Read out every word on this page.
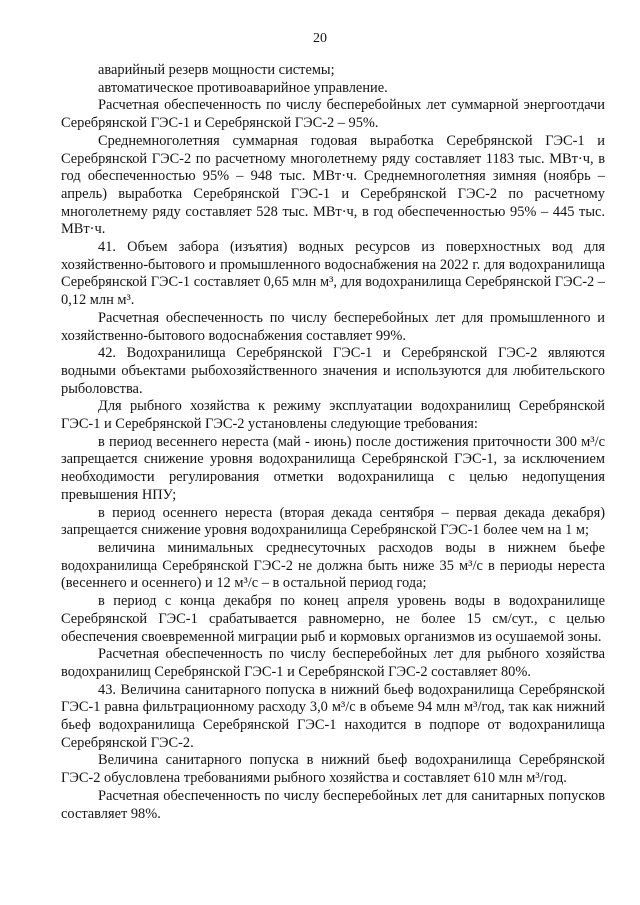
20

аварийный резерв мощности системы;

автоматическое противоаварийное управление.

Расчетная обеспеченность по числу бесперебойных лет суммарной энергоотдачи Серебрянской ГЭС-1 и Серебрянской ГЭС-2 – 95%.

Среднемноголетняя суммарная годовая выработка Серебрянской ГЭС-1 и Серебрянской ГЭС-2 по расчетному многолетнему ряду составляет 1183 тыс. МВт·ч, в год обеспеченностью 95% – 948 тыс. МВт·ч. Среднемноголетняя зимняя (ноябрь – апрель) выработка Серебрянской ГЭС-1 и Серебрянской ГЭС-2 по расчетному многолетнему ряду составляет 528 тыс. МВт·ч, в год обеспеченностью 95% – 445 тыс. МВт·ч.

41. Объем забора (изъятия) водных ресурсов из поверхностных вод для хозяйственно-бытового и промышленного водоснабжения на 2022 г. для водохранилища Серебрянской ГЭС-1 составляет 0,65 млн м³, для водохранилища Серебрянской ГЭС-2 – 0,12 млн м³.

Расчетная обеспеченность по числу бесперебойных лет для промышленного и хозяйственно-бытового водоснабжения составляет 99%.

42. Водохранилища Серебрянской ГЭС-1 и Серебрянской ГЭС-2 являются водными объектами рыбохозяйственного значения и используются для любительского рыболовства.

Для рыбного хозяйства к режиму эксплуатации водохранилищ Серебрянской ГЭС-1 и Серебрянской ГЭС-2 установлены следующие требования:

в период весеннего нереста (май - июнь) после достижения приточности 300 м³/с запрещается снижение уровня водохранилища Серебрянской ГЭС-1, за исключением необходимости регулирования отметки водохранилища с целью недопущения превышения НПУ;

в период осеннего нереста (вторая декада сентября – первая декада декабря) запрещается снижение уровня водохранилища Серебрянской ГЭС-1 более чем на 1 м;

величина минимальных среднесуточных расходов воды в нижнем бьефе водохранилища Серебрянской ГЭС-2 не должна быть ниже 35 м³/с в периоды нереста (весеннего и осеннего) и 12 м³/с – в остальной период года;

в период с конца декабря по конец апреля уровень воды в водохранилище Серебрянской ГЭС-1 срабатывается равномерно, не более 15 см/сут., с целью обеспечения своевременной миграции рыб и кормовых организмов из осушаемой зоны.

Расчетная обеспеченность по числу бесперебойных лет для рыбного хозяйства водохранилищ Серебрянской ГЭС-1 и Серебрянской ГЭС-2 составляет 80%.

43. Величина санитарного попуска в нижний бьеф водохранилища Серебрянской ГЭС-1 равна фильтрационному расходу 3,0 м³/с в объеме 94 млн м³/год, так как нижний бьеф водохранилища Серебрянской ГЭС-1 находится в подпоре от водохранилища Серебрянской ГЭС-2.

Величина санитарного попуска в нижний бьеф водохранилища Серебрянской ГЭС-2 обусловлена требованиями рыбного хозяйства и составляет 610 млн м³/год.

Расчетная обеспеченность по числу бесперебойных лет для санитарных попусков составляет 98%.
